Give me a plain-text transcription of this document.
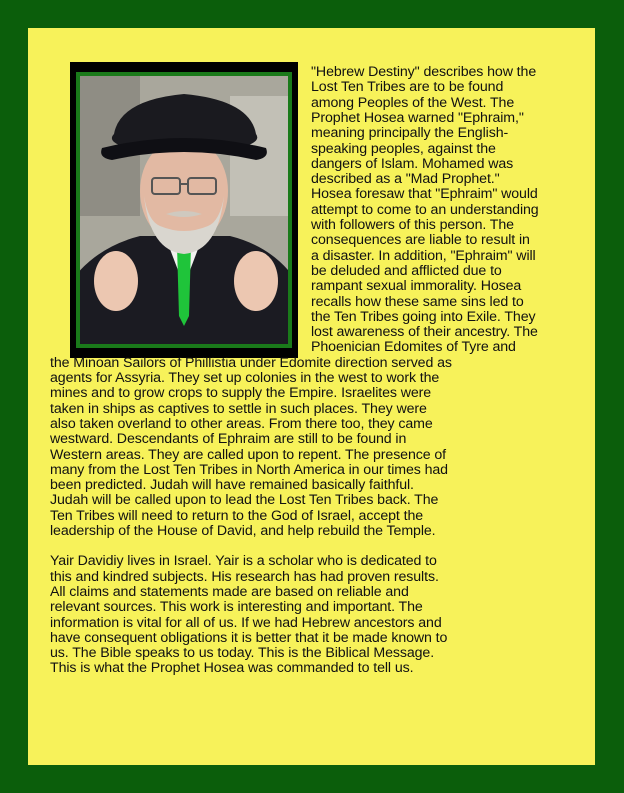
"Hebrew Destiny" describes how the
Lost Ten Tribes are to be found
among Peoples of the West. The
Prophet Hosea warned "Ephraim,"
meaning principally the English-
speaking peoples, against the
dangers of Islam. Mohamed was
described as a "Mad Prophet."
Hosea foresaw that "Ephraim" would
attempt to come to an understanding
with followers of this person. The
consequences are liable to result in
a disaster. In addition, "Ephraim" will
be deluded and afflicted due to
rampant sexual immorality. Hosea
recalls how these same sins led to
the Ten Tribes going into Exile. They
lost awareness of their ancestry. The
Phoenician Edomites of Tyre and
the Minoan Sailors of Phillistia under Edomite direction served as
agents for Assyria. They set up colonies in the west to work the
mines and to grow crops to supply the Empire. Israelites were
taken in ships as captives to settle in such places. They were
also taken overland to other areas. From there too, they came
westward. Descendants of Ephraim are still to be found in
Western areas. They are called upon to repent. The presence of
many from the Lost Ten Tribes in North America in our times had
been predicted. Judah will have remained basically faithful.
Judah will be called upon to lead the Lost Ten Tribes back. The
Ten Tribes will need to return to the God of Israel, accept the
leadership of the House of David, and help rebuild the Temple.
Yair Davidiy lives in Israel. Yair is a scholar who is dedicated to
this and kindred subjects. His research has had proven results.
All claims and statements made are based on reliable and
relevant sources. This work is interesting and important. The
information is vital for all of us. If we had Hebrew ancestors and
have consequent obligations it is better that it be made known to
us. The Bible speaks to us today. This is the Biblical Message.
This is what the Prophet Hosea was commanded to tell us.
